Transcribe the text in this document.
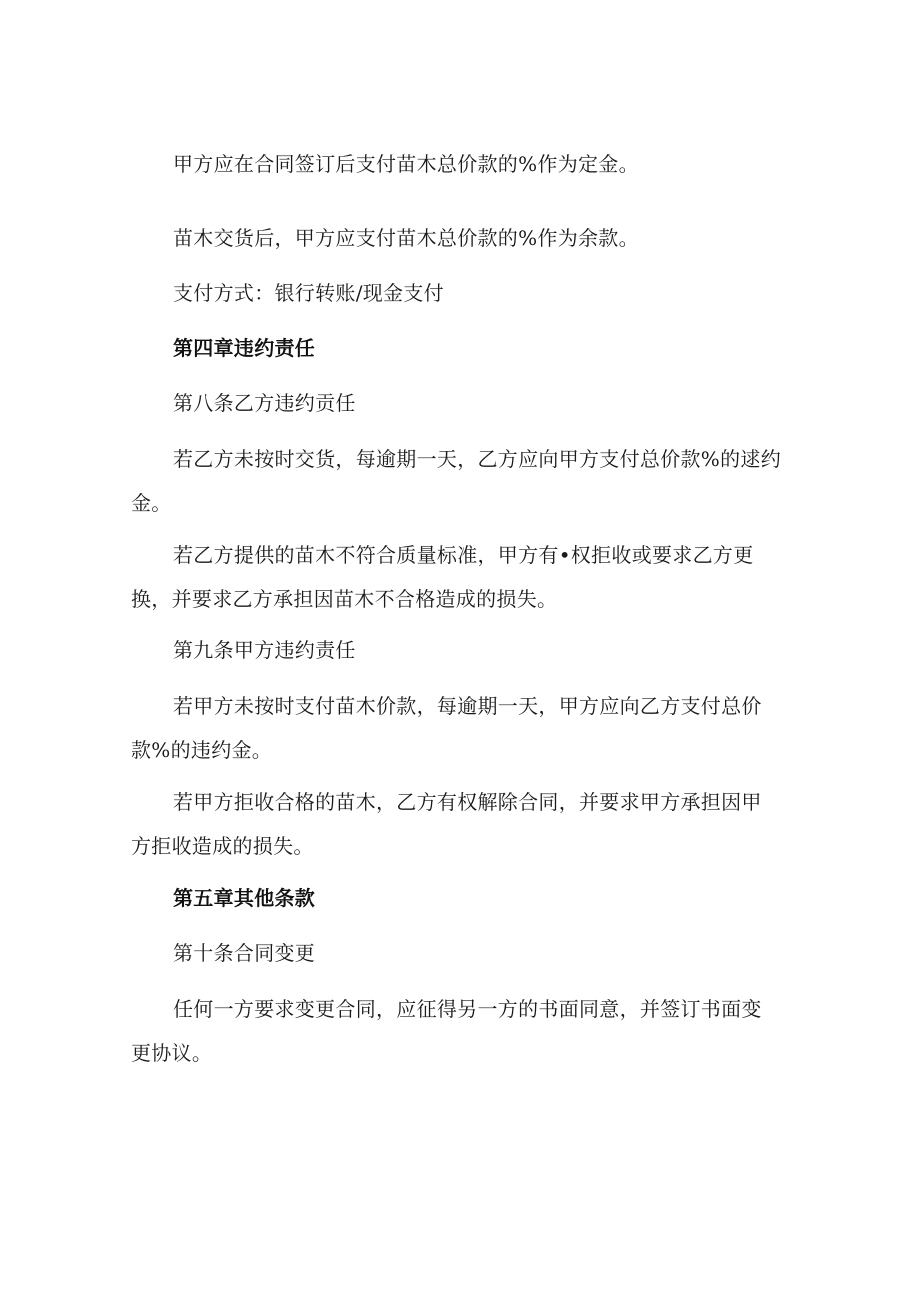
甲方应在合同签订后支付苗木总价款的%作为定金。
苗木交货后，甲方应支付苗木总价款的%作为余款。
支付方式：银行转账/现金支付
第四章违约责任
第八条乙方违约贡任
若乙方未按时交货，每逾期一天，乙方应向甲方支付总价款%的逑约金。
若乙方提供的苗木不符合质量标准，甲方有•权拒收或要求乙方更换，并要求乙方承担因苗木不合格造成的损失。
第九条甲方违约责任
若甲方未按时支付苗木价款，每逾期一天，甲方应向乙方支付总价款%的违约金。
若甲方拒收合格的苗木，乙方有权解除合同，并要求甲方承担因甲方拒收造成的损失。
第五章其他条款
第十条合同变更
任何一方要求变更合同，应征得另一方的书面同意，并签订书面变更协议。
